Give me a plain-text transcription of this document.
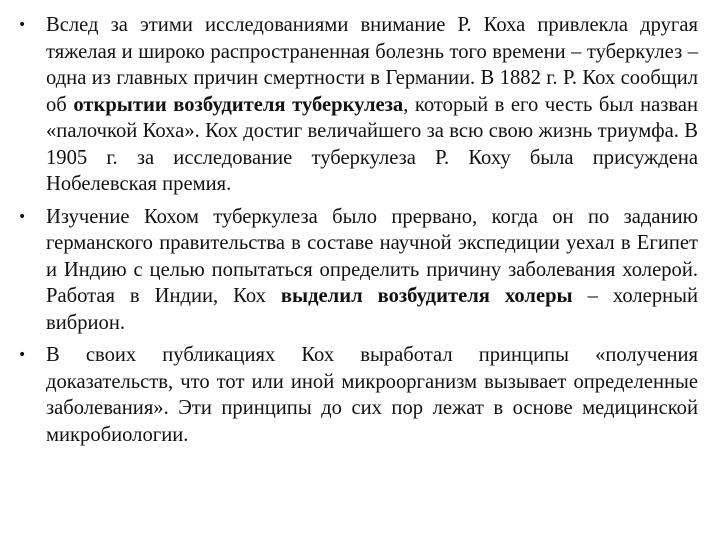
• Вслед за этими исследованиями внимание Р. Коха привлекла другая тяжелая и широко распространенная болезнь того времени – туберкулез – одна из главных причин смертности в Германии. В 1882 г. Р. Кох сообщил об открытии возбудителя туберкулеза, который в его честь был назван «палочкой Коха». Кох достиг величайшего за всю свою жизнь триумфа. В 1905 г. за исследование туберкулеза Р. Коху была присуждена Нобелевская премия.
• Изучение Кохом туберкулеза было прервано, когда он по заданию германского правительства в составе научной экспедиции уехал в Египет и Индию с целью попытаться определить причину заболевания холерой. Работая в Индии, Кох выделил возбудителя холеры – холерный вибрион.
• В своих публикациях Кох выработал принципы «получения доказательств, что тот или иной микроорганизм вызывает определенные заболевания». Эти принципы до сих пор лежат в основе медицинской микробиологии.
